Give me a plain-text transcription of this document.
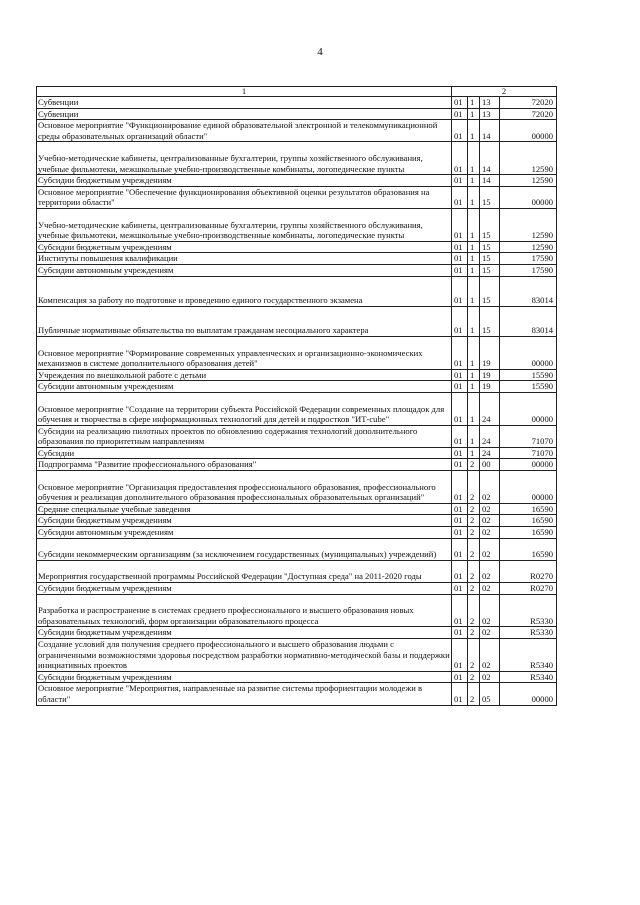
4
1	2			
Субвенции	01	1	13	72020
Субвенции	01	1	13	72020
Основное мероприятие "Функционирование единой образовательной электронной и телекоммуникационной среды образовательных организаций области"	01	1	14	00000
Учебно-методические кабинеты, централизованные бухгалтерии, группы хозяйственного обслуживания, учебные фильмотеки, межшкольные учебно-производственные комбинаты, логопедические пункты	01	1	14	12590
Субсидии бюджетным учреждениям	01	1	14	12590
Основное мероприятие "Обеспечение функционирования объективной оценки результатов образования на территории области"	01	1	15	00000
Учебно-методические кабинеты, централизованные бухгалтерии, группы хозяйственного обслуживания, учебные фильмотеки, межшкольные учебно-производственные комбинаты, логопедические пункты	01	1	15	12590
Субсидии бюджетным учреждениям	01	1	15	12590
Институты повышения квалификации	01	1	15	17590
Субсидии автономным учреждениям	01	1	15	17590
Компенсация за работу по подготовке и проведению единого государственного экзамена	01	1	15	83014
Публичные нормативные обязательства по выплатам гражданам несоциального характера	01	1	15	83014
Основное мероприятие "Формирование современных управленческих и организационно-экономических механизмов в системе дополнительного образования детей"	01	1	19	00000
Учреждения по внешкольной работе с детьми	01	1	19	15590
Субсидии автономным учреждениям	01	1	19	15590
Основное мероприятие "Создание на территории субъекта Российской Федерации современных площадок для обучения и творчества в сфере информационных технологий для детей и подростков "ИТ-cube"	01	1	24	00000
Субсидии на реализацию пилотных проектов по обновлению содержания технологий дополнительного образования по приоритетным направлениям	01	1	24	71070
Субсидии	01	1	24	71070
Подпрограмма "Развитие профессионального образования"	01	2	00	00000
Основное мероприятие "Организация предоставления профессионального образования, профессионального обучения и реализация дополнительного образования профессиональных образовательных организаций"	01	2	02	00000
Средние специальные учебные заведения	01	2	02	16590
Субсидии бюджетным учреждениям	01	2	02	16590
Субсидии автономным учреждениям	01	2	02	16590
Субсидии некоммерческим организациям (за исключением государственных (муниципальных) учреждений)	01	2	02	16590
Мероприятия государственной программы Российской Федерации "Доступная среда" на 2011-2020 годы	01	2	02	R0270
Субсидии бюджетным учреждениям	01	2	02	R0270
Разработка и распространение в системах среднего профессионального и высшего образования новых образовательных технологий, форм организации образовательного процесса	01	2	02	R5330
Субсидии бюджетным учреждениям	01	2	02	R5330
Создание условий для получения среднего профессионального и высшего образования людьми с ограниченными возможностями здоровья посредством разработки нормативно-методической базы и поддержки инициативных проектов	01	2	02	R5340
Субсидии бюджетным учреждениям	01	2	02	R5340
Основное мероприятие "Мероприятия, направленные на развитие системы профориентации молодежи в области"	01	2	05	00000
